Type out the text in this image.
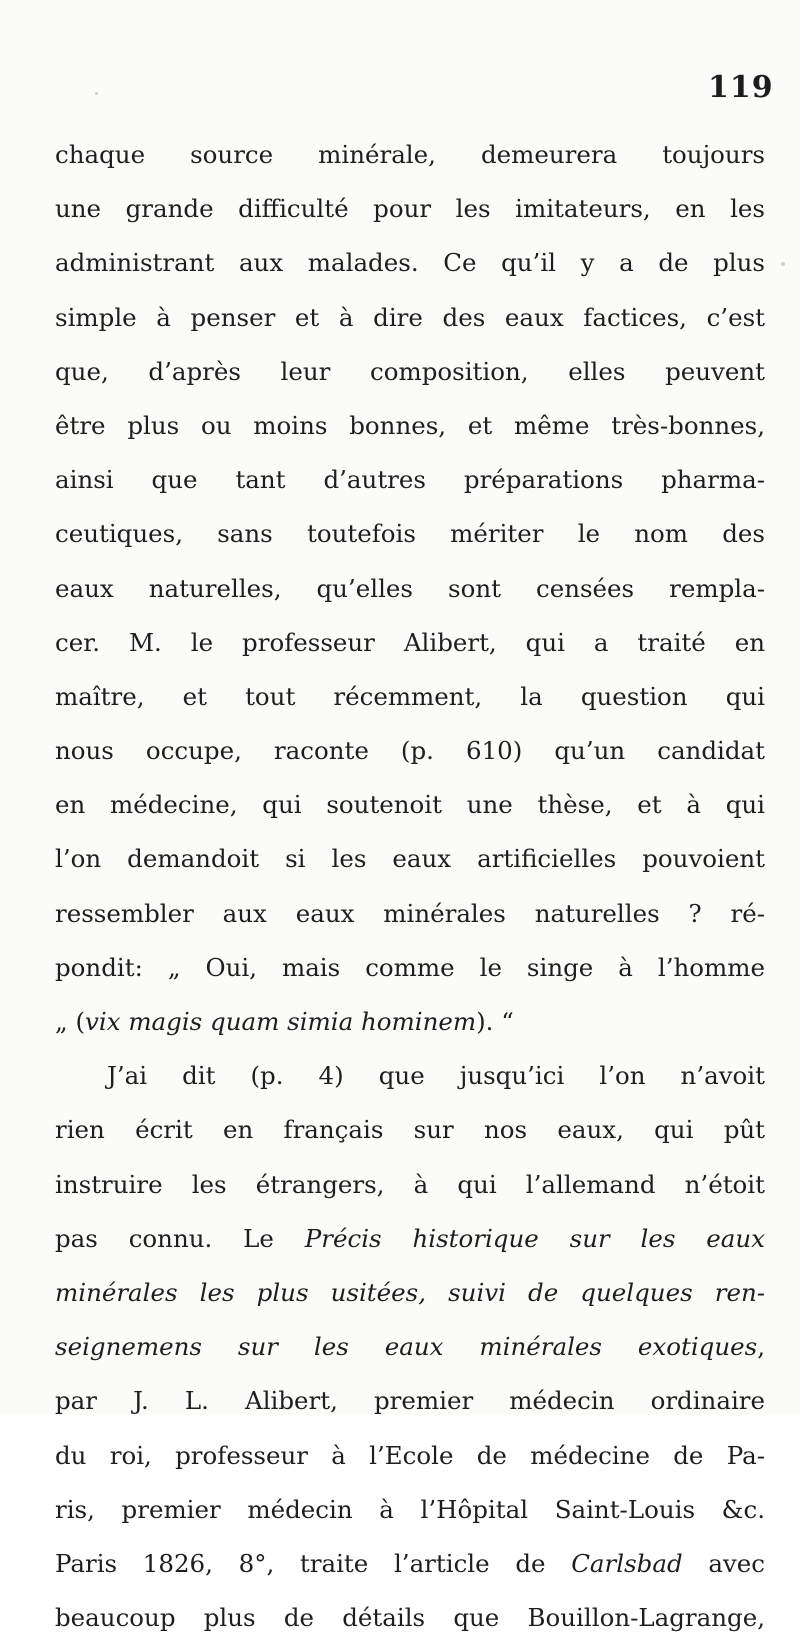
119
chaque source minérale, demeurera toujours
une grande difficulté pour les imitateurs, en les
administrant aux malades. Ce qu’il y a de plus
simple à penser et à dire des eaux factices, c’est
que, d’après leur composition, elles peuvent
être plus ou moins bonnes, et même très-bonnes,
ainsi que tant d’autres préparations pharma-
ceutiques, sans toutefois mériter le nom des
eaux naturelles, qu’elles sont censées rempla-
cer. M. le professeur Alibert, qui a traité en
maître, et tout récemment, la question qui
nous occupe, raconte (p. 610) qu’un candidat
en médecine, qui soutenoit une thèse, et à qui
l’on demandoit si les eaux artificielles pouvoient
ressembler aux eaux minérales naturelles ? ré-
pondit: „ Oui, mais comme le singe à l’homme
„ (vix magis quam simia hominem). “
J’ai dit (p. 4) que jusqu’ici l’on n’avoit
rien écrit en français sur nos eaux, qui pût
instruire les étrangers, à qui l’allemand n’étoit
pas connu. Le Précis historique sur les eaux
minérales les plus usitées, suivi de quelques ren-
seignemens sur les eaux minérales exotiques,
par J. L. Alibert, premier médecin ordinaire
du roi, professeur à l’Ecole de médecine de Pa-
ris, premier médecin à l’Hôpital Saint-Louis &c.
Paris 1826, 8°, traite l’article de Carlsbad avec
beaucoup plus de détails que Bouillon-Lagrange,
